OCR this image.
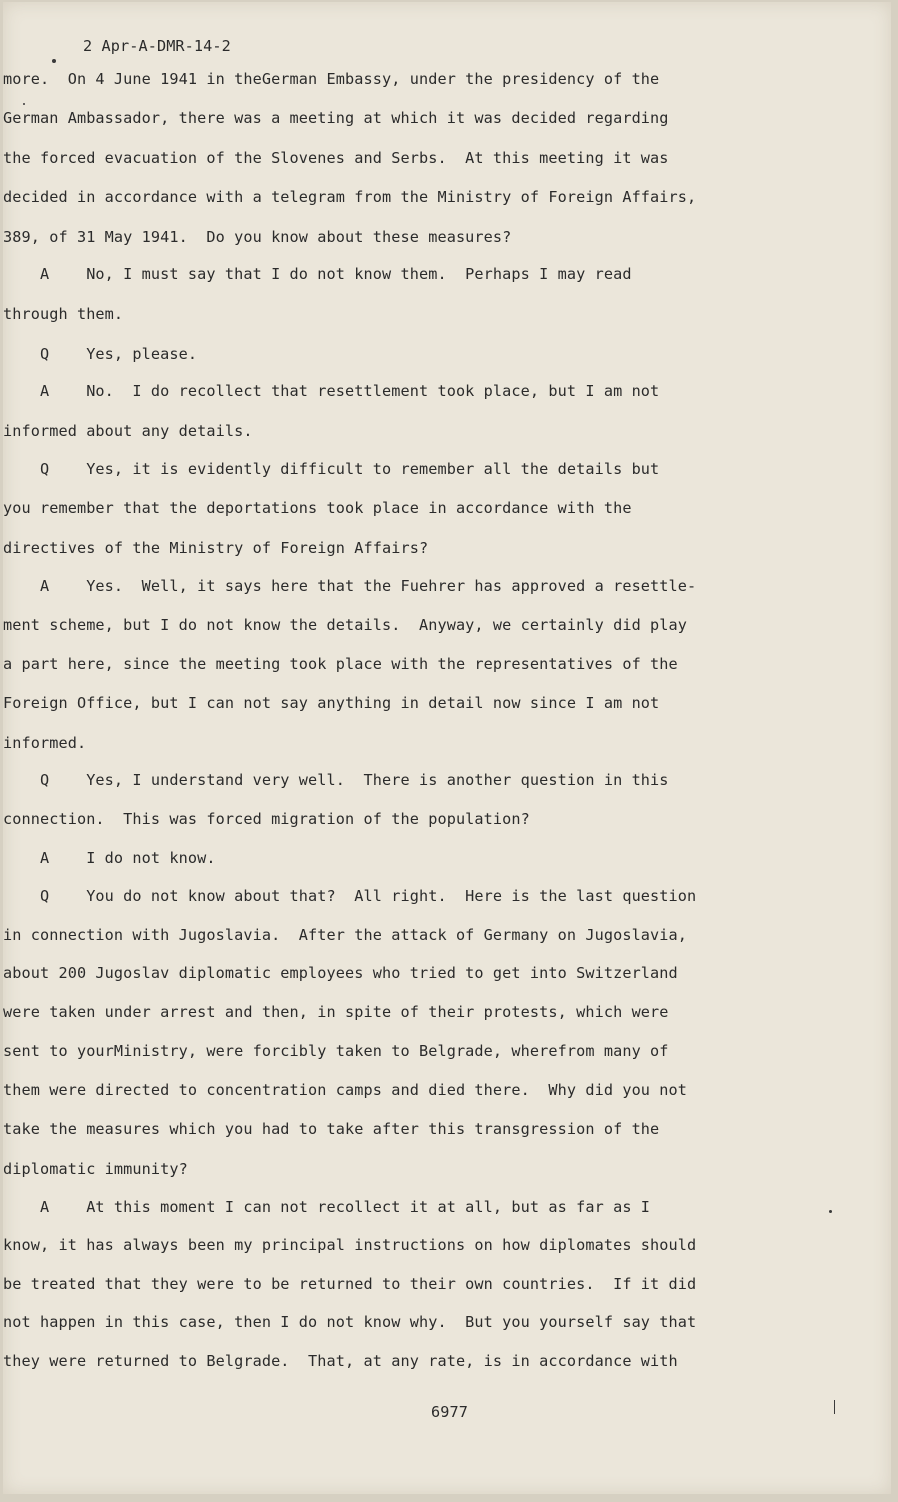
2 Apr-A-DMR-14-2

more.  On 4 June 1941 in theGerman Embassy, under the presidency of the

German Ambassador, there was a meeting at which it was decided regarding

the forced evacuation of the Slovenes and Serbs.  At this meeting it was

decided in accordance with a telegram from the Ministry of Foreign Affairs,

389, of 31 May 1941.  Do you know about these measures?

A    No, I must say that I do not know them.  Perhaps I may read

through them.

Q    Yes, please.

A    No.  I do recollect that resettlement took place, but I am not

informed about any details.

Q    Yes, it is evidently difficult to remember all the details but

you remember that the deportations took place in accordance with the

directives of the Ministry of Foreign Affairs?

A    Yes.  Well, it says here that the Fuehrer has approved a resettle-

ment scheme, but I do not know the details.  Anyway, we certainly did play

a part here, since the meeting took place with the representatives of the

Foreign Office, but I can not say anything in detail now since I am not

informed.

Q    Yes, I understand very well.  There is another question in this

connection.  This was forced migration of the population?

A    I do not know.

Q    You do not know about that?  All right.  Here is the last question

in connection with Jugoslavia.  After the attack of Germany on Jugoslavia,

about 200 Jugoslav diplomatic employees who tried to get into Switzerland

were taken under arrest and then, in spite of their protests, which were

sent to yourMinistry, were forcibly taken to Belgrade, wherefrom many of

them were directed to concentration camps and died there.  Why did you not

take the measures which you had to take after this transgression of the

diplomatic immunity?

A    At this moment I can not recollect it at all, but as far as I

know, it has always been my principal instructions on how diplomates should

be treated that they were to be returned to their own countries.  If it did

not happen in this case, then I do not know why.  But you yourself say that

they were returned to Belgrade.  That, at any rate, is in accordance with

6977
